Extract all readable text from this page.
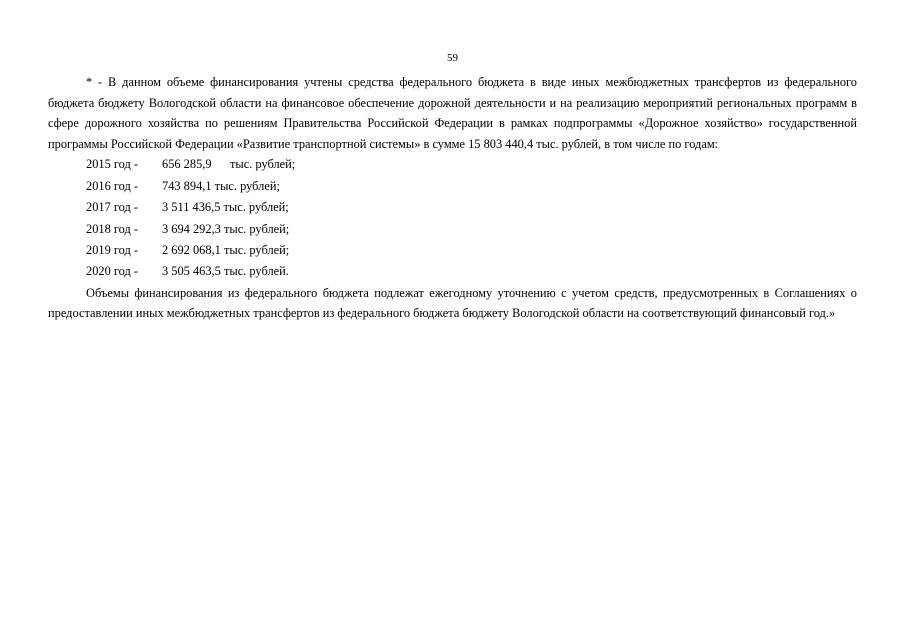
59

* - В данном объеме финансирования учтены средства федерального бюджета в виде иных межбюджетных трансфертов из федерального бюджета бюджету Вологодской области на финансовое обеспечение дорожной деятельности и на реализацию мероприятий региональных программ в сфере дорожного хозяйства по решениям Правительства Российской Федерации в рамках подпрограммы «Дорожное хозяйство» государственной программы Российской Федерации «Развитие транспортной системы» в сумме 15 803 440,4 тыс. рублей, в том числе по годам:

2015 год - 656 285,9 тыс. рублей;
2016 год - 743 894,1 тыс. рублей;
2017 год - 3 511 436,5 тыс. рублей;
2018 год - 3 694 292,3 тыс. рублей;
2019 год - 2 692 068,1 тыс. рублей;
2020 год - 3 505 463,5 тыс. рублей.

Объемы финансирования из федерального бюджета подлежат ежегодному уточнению с учетом средств, предусмотренных в Соглашениях о предоставлении иных межбюджетных трансфертов из федерального бюджета бюджету Вологодской области на соответствующий финансовый год.»
